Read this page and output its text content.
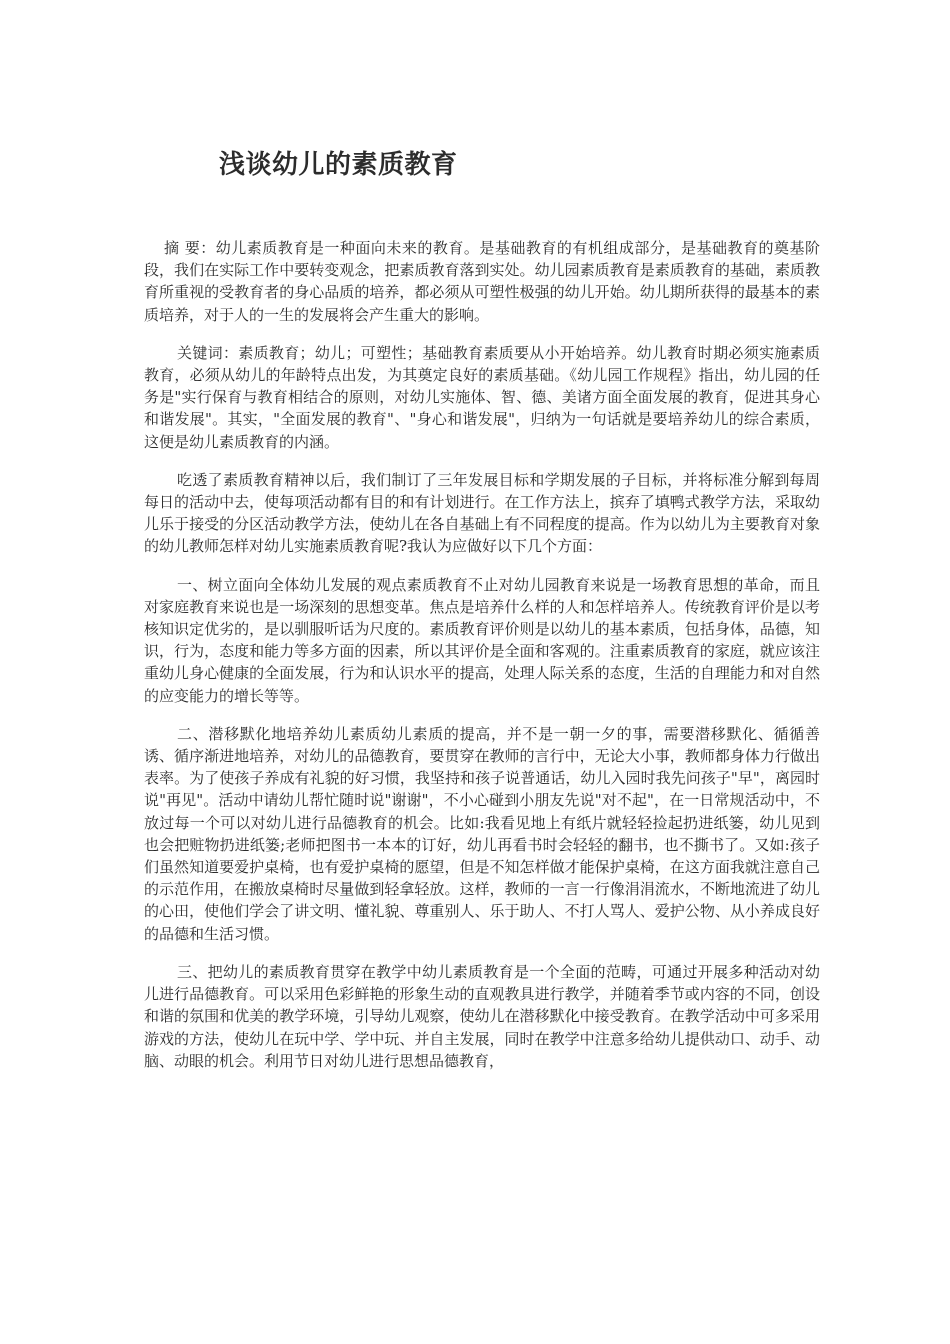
浅谈幼儿的素质教育

摘 要：幼儿素质教育是一种面向未来的教育。是基础教育的有机组成部分，是基础教育的奠基阶段，我们在实际工作中要转变观念，把素质教育落到实处。幼儿园素质教育是素质教育的基础，素质教育所重视的受教育者的身心品质的培养，都必须从可塑性极强的幼儿开始。幼儿期所获得的最基本的素质培养，对于人的一生的发展将会产生重大的影响。

关键词：素质教育；幼儿；可塑性；基础教育素质要从小开始培养。幼儿教育时期必须实施素质教育，必须从幼儿的年龄特点出发，为其奠定良好的素质基础。《幼儿园工作规程》指出，幼儿园的任务是"实行保育与教育相结合的原则，对幼儿实施体、智、德、美诸方面全面发展的教育，促进其身心和谐发展"。其实，"全面发展的教育"、"身心和谐发展"，归纳为一句话就是要培养幼儿的综合素质，这便是幼儿素质教育的内涵。

吃透了素质教育精神以后，我们制订了三年发展目标和学期发展的子目标，并将标准分解到每周每日的活动中去，使每项活动都有目的和有计划进行。在工作方法上，摈弃了填鸭式教学方法，采取幼儿乐于接受的分区活动教学方法，使幼儿在各自基础上有不同程度的提高。作为以幼儿为主要教育对象的幼儿教师怎样对幼儿实施素质教育呢?我认为应做好以下几个方面：

一、树立面向全体幼儿发展的观点素质教育不止对幼儿园教育来说是一场教育思想的革命，而且对家庭教育来说也是一场深刻的思想变革。焦点是培养什么样的人和怎样培养人。传统教育评价是以考核知识定优劣的，是以驯服听话为尺度的。素质教育评价则是以幼儿的基本素质，包括身体，品德，知识，行为，态度和能力等多方面的因素，所以其评价是全面和客观的。注重素质教育的家庭，就应该注重幼儿身心健康的全面发展，行为和认识水平的提高，处理人际关系的态度，生活的自理能力和对自然的应变能力的增长等等。

二、潜移默化地培养幼儿素质幼儿素质的提高，并不是一朝一夕的事，需要潜移默化、循循善诱、循序渐进地培养，对幼儿的品德教育，要贯穿在教师的言行中，无论大小事，教师都身体力行做出表率。为了使孩子养成有礼貌的好习惯，我坚持和孩子说普通话，幼儿入园时我先问孩子"早"，离园时说"再见"。活动中请幼儿帮忙随时说"谢谢"，不小心碰到小朋友先说"对不起"，在一日常规活动中，不放过每一个可以对幼儿进行品德教育的机会。比如:我看见地上有纸片就轻轻捡起扔进纸篓，幼儿见到也会把赃物扔进纸篓;老师把图书一本本的订好，幼儿再看书时会轻轻的翻书，也不撕书了。又如:孩子们虽然知道要爱护桌椅，也有爱护桌椅的愿望，但是不知怎样做才能保护桌椅，在这方面我就注意自己的示范作用，在搬放桌椅时尽量做到轻拿轻放。这样，教师的一言一行像涓涓流水，不断地流进了幼儿的心田，使他们学会了讲文明、懂礼貌、尊重别人、乐于助人、不打人骂人、爱护公物、从小养成良好的品德和生活习惯。

三、把幼儿的素质教育贯穿在教学中幼儿素质教育是一个全面的范畴，可通过开展多种活动对幼儿进行品德教育。可以采用色彩鲜艳的形象生动的直观教具进行教学，并随着季节或内容的不同，创设和谐的氛围和优美的教学环境，引导幼儿观察，使幼儿在潜移默化中接受教育。在教学活动中可多采用游戏的方法，使幼儿在玩中学、学中玩、并自主发展，同时在教学中注意多给幼儿提供动口、动手、动脑、动眼的机会。利用节日对幼儿进行思想品德教育，
